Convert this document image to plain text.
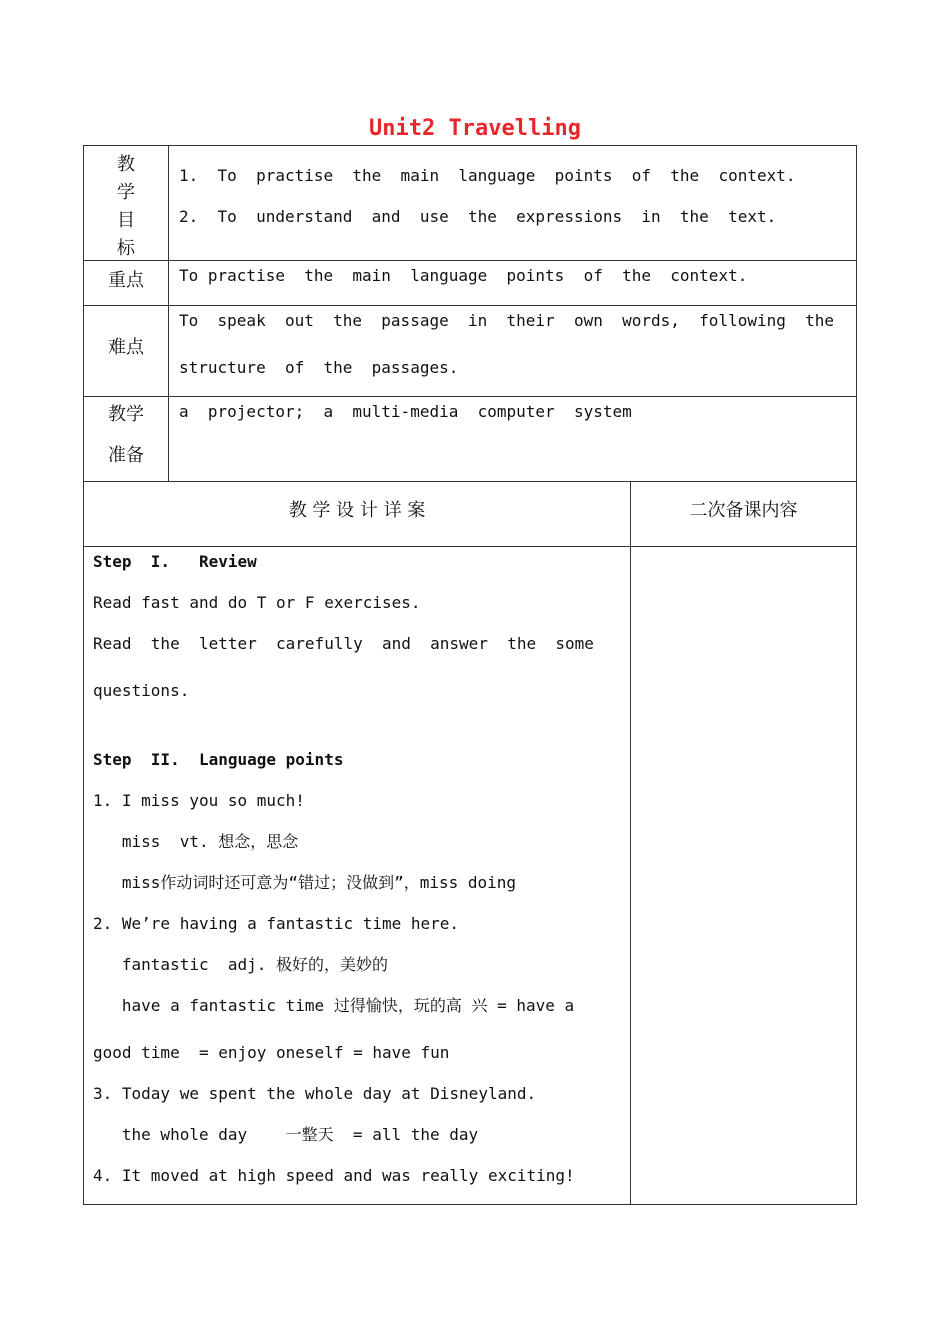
Unit2 Travelling
教
学
目
标
1.  To  practise  the  main  language  points  of  the  context.
2.  To  understand  and  use  the  expressions  in  the  text.
重点	To practise  the  main  language  points  of  the  context.
难点
To  speak  out  the  passage  in  their  own  words,  following  the
structure  of  the  passages.
教学
准备
a  projector;  a  multi-media  computer  system
教 学 设 计 详 案	二次备课内容
Step  I.   Review
Read fast and do T or F exercises.
Read  the  letter  carefully  and  answer  the  some
questions.
Step  II.  Language points
1. I miss you so much!
miss  vt. 想念，思念
miss作动词时还可意为“错过；没做到”，miss doing
2. We’re having a fantastic time here.
fantastic  adj. 极好的，美妙的
have a fantastic time 过得愉快，玩的高 兴 = have a
good time  = enjoy oneself = have fun
3. Today we spent the whole day at Disneyland.
the whole day    一整天  = all the day
4. It moved at high speed and was really exciting!
